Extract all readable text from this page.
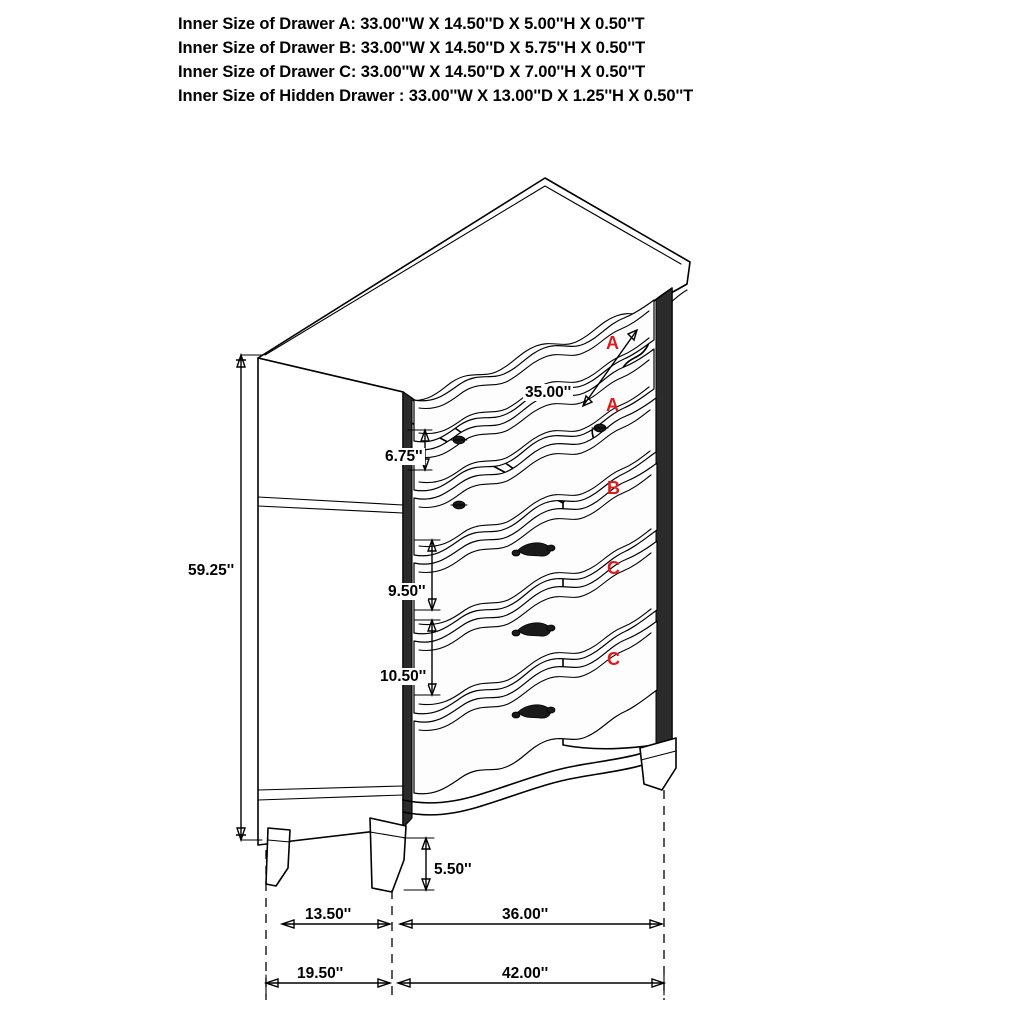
Inner Size of Drawer A: 33.00''W X 14.50''D X 5.00''H X 0.50''T
Inner Size of Drawer B: 33.00''W X 14.50''D X 5.75''H X 0.50''T
Inner Size of Drawer C: 33.00''W X 14.50''D X 7.00''H X 0.50''T
Inner Size of Hidden Drawer : 33.00''W X 13.00''D X 1.25''H X 0.50''T
59.25''
35.00''
6.75''
9.50''
10.50''
5.50''
13.50''	36.00''
19.50''	42.00''
A
A
B
C
C
